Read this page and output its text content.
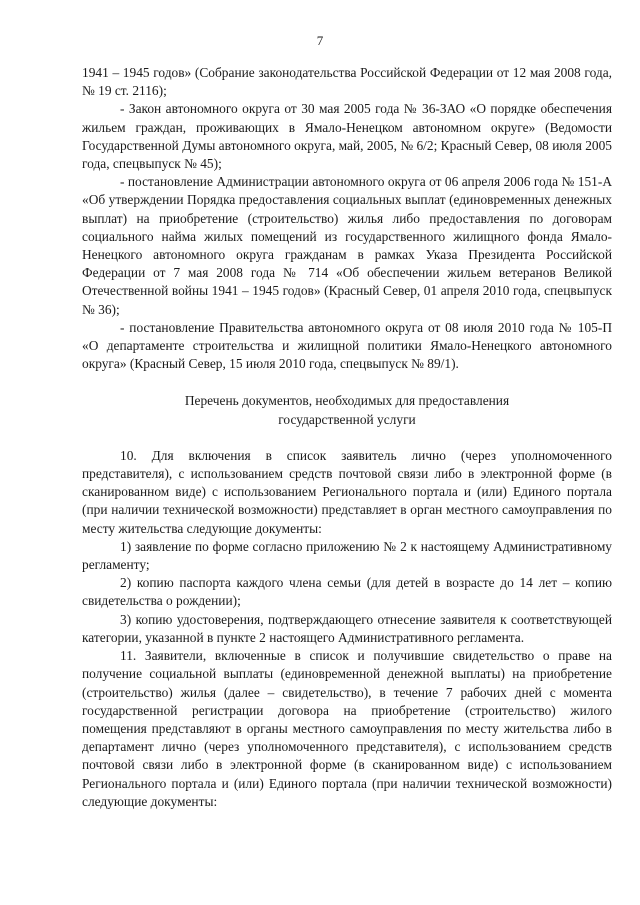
7

1941 – 1945 годов» (Собрание законодательства Российской Федерации от 12 мая 2008 года, № 19 ст. 2116);

- Закон автономного округа от 30 мая 2005 года № 36-ЗАО «О порядке обеспечения жильем граждан, проживающих в Ямало-Ненецком автономном округе» (Ведомости Государственной Думы автономного округа, май, 2005, № 6/2; Красный Север, 08 июля 2005 года, спецвыпуск № 45);

- постановление Администрации автономного округа от 06 апреля 2006 года № 151-А «Об утверждении Порядка предоставления социальных выплат (единовременных денежных выплат) на приобретение (строительство) жилья либо предоставления по договорам социального найма жилых помещений из государственного жилищного фонда Ямало-Ненецкого автономного округа гражданам в рамках Указа Президента Российской Федерации от 7 мая 2008 года № 714 «Об обеспечении жильем ветеранов Великой Отечественной войны 1941 – 1945 годов» (Красный Север, 01 апреля 2010 года, спецвыпуск № 36);

- постановление Правительства автономного округа от 08 июля 2010 года № 105-П «О департаменте строительства и жилищной политики Ямало-Ненецкого автономного округа» (Красный Север, 15 июля 2010 года, спецвыпуск № 89/1).

Перечень документов, необходимых для предоставления

государственной услуги

10. Для включения в список заявитель лично (через уполномоченного представителя), с использованием средств почтовой связи либо в электронной форме (в сканированном виде) с использованием Регионального портала и (или) Единого портала (при наличии технической возможности) представляет в орган местного самоуправления по месту жительства следующие документы:

1) заявление по форме согласно приложению № 2 к настоящему Административному регламенту;

2) копию паспорта каждого члена семьи (для детей в возрасте до 14 лет – копию свидетельства о рождении);

3) копию удостоверения, подтверждающего отнесение заявителя к соответствующей категории, указанной в пункте 2 настоящего Административного регламента.

11. Заявители, включенные в список и получившие свидетельство о праве на получение социальной выплаты (единовременной денежной выплаты) на приобретение (строительство) жилья (далее – свидетельство), в течение 7 рабочих дней с момента государственной регистрации договора на приобретение (строительство) жилого помещения представляют в органы местного самоуправления по месту жительства либо в департамент лично (через уполномоченного представителя), с использованием средств почтовой связи либо в электронной форме (в сканированном виде) с использованием Регионального портала и (или) Единого портала (при наличии технической возможности) следующие документы:
